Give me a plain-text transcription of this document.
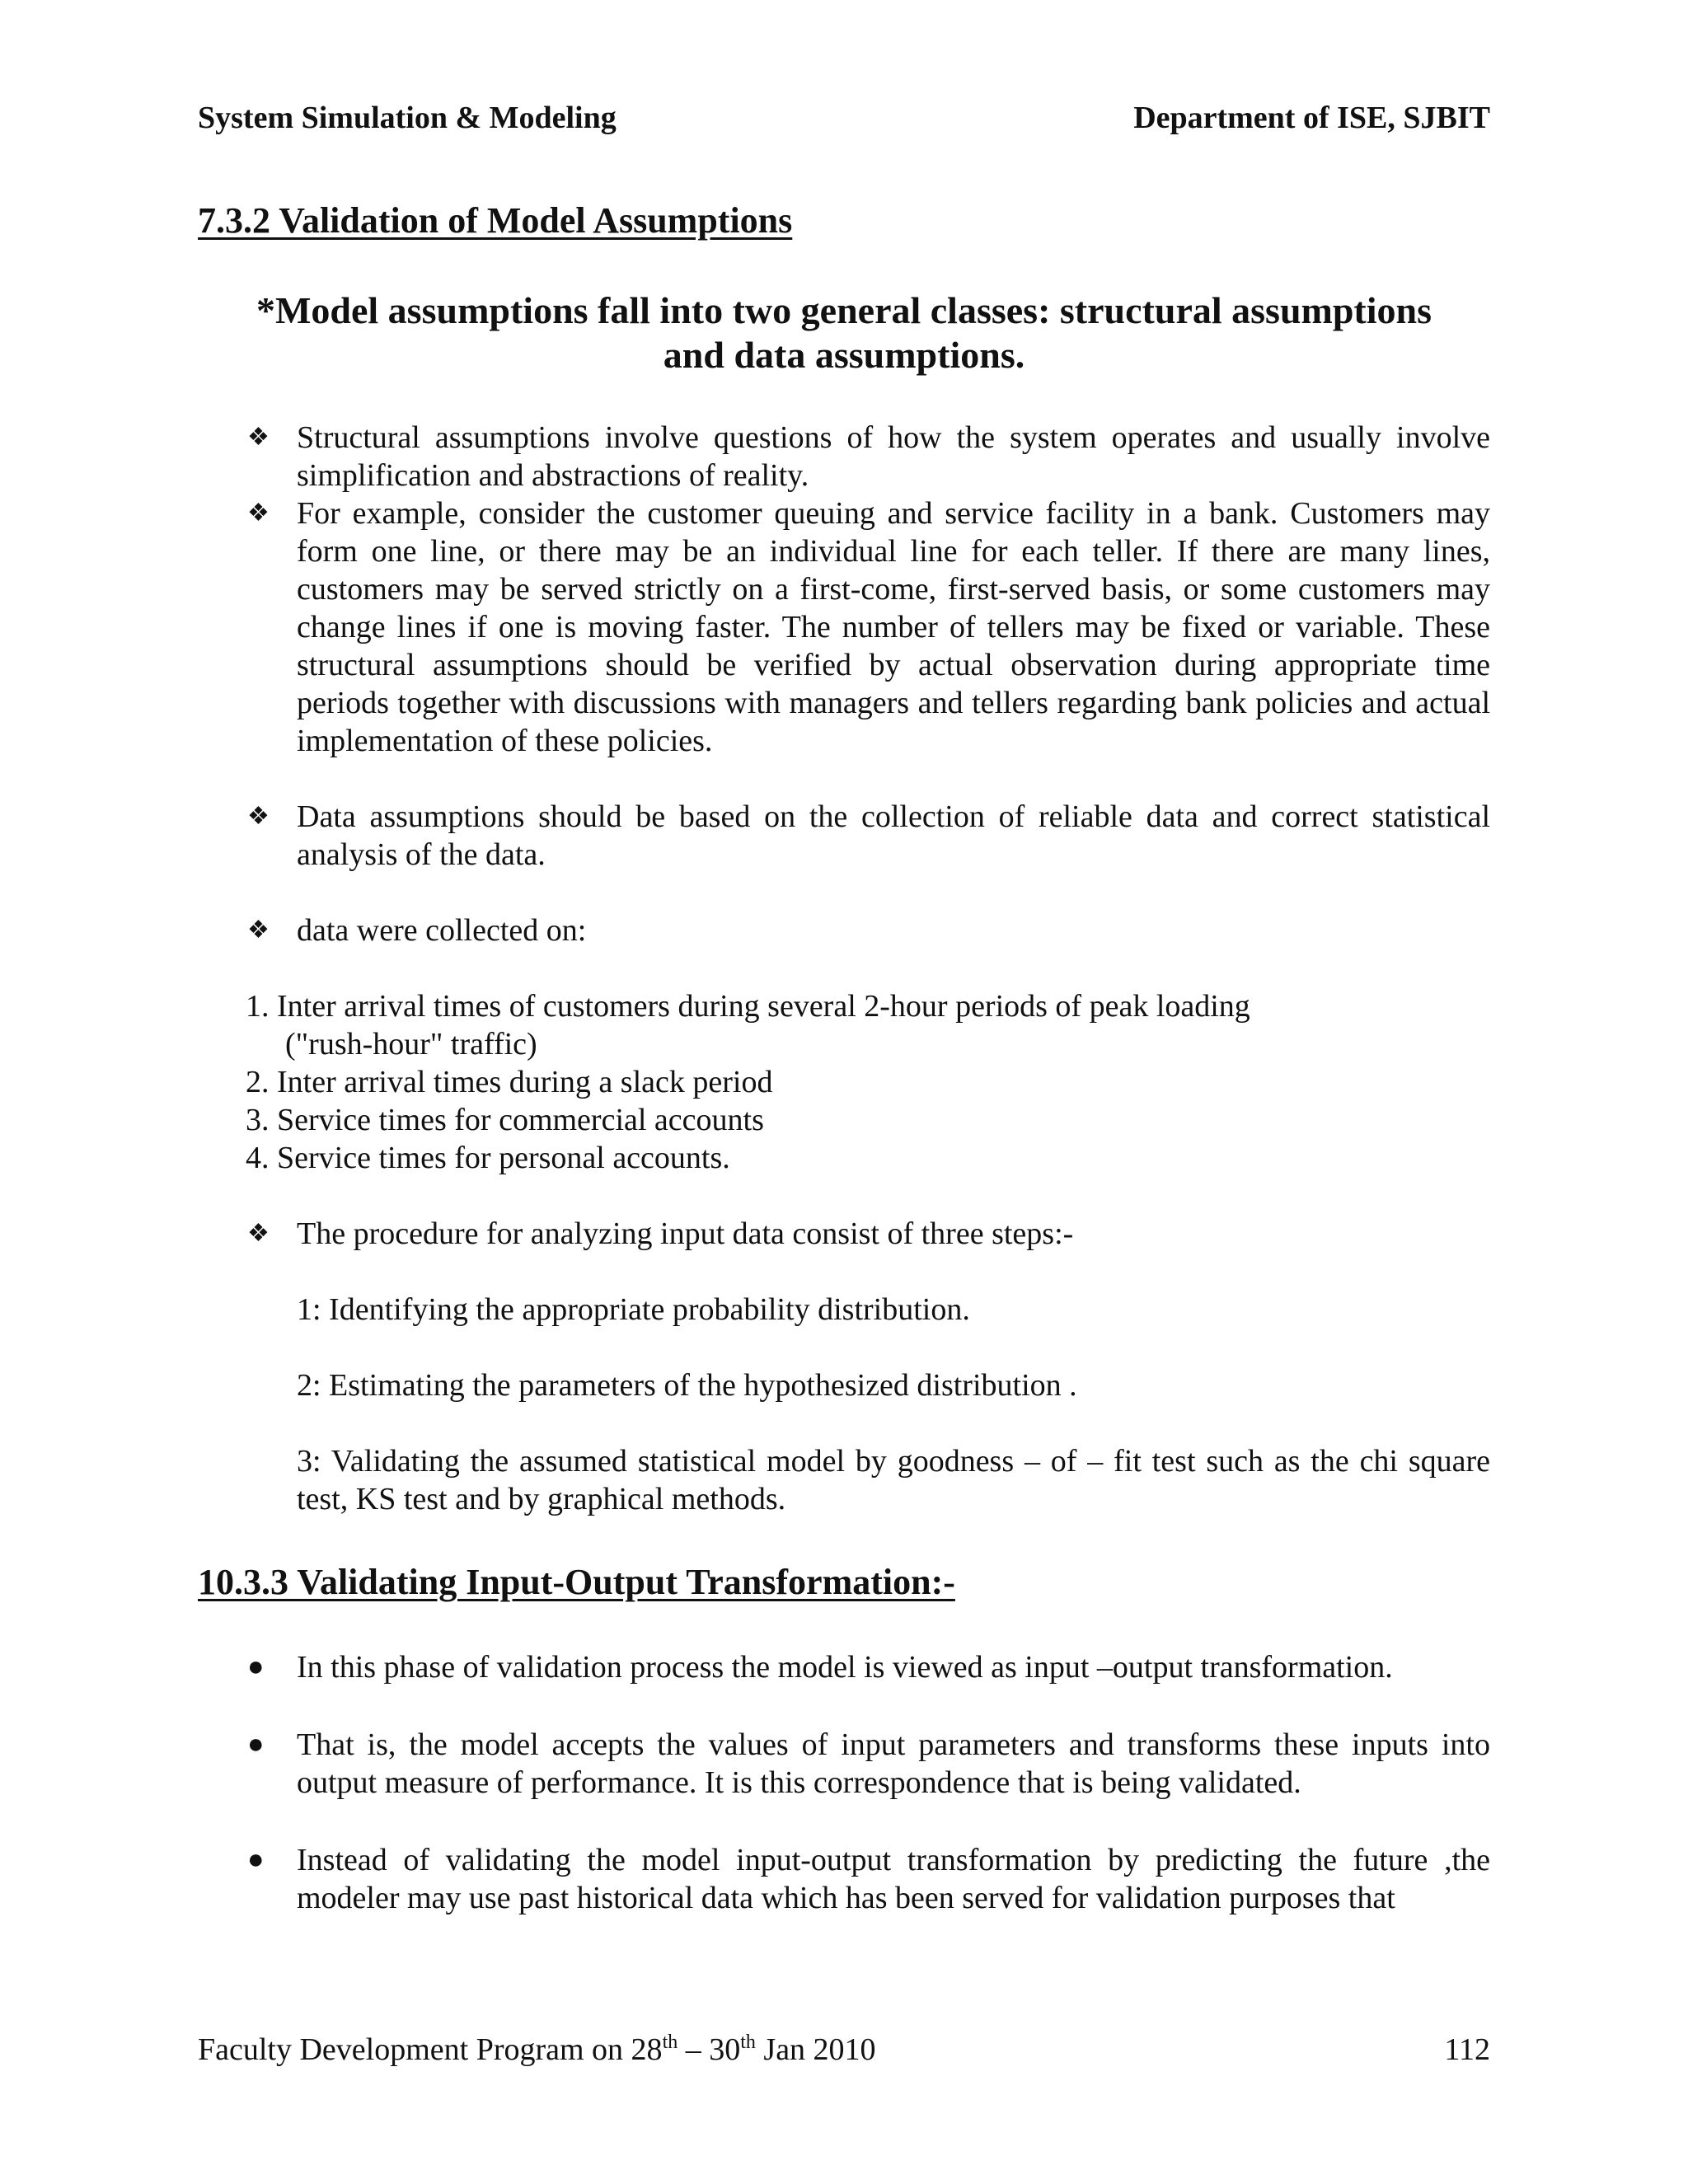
System Simulation & Modeling	Department of ISE, SJBIT
7.3.2 Validation of Model Assumptions
*Model assumptions fall into two general classes: structural assumptions and data assumptions.
❖ Structural assumptions involve questions of how the system operates and usually involve simplification and abstractions of reality.
❖ For example, consider the customer queuing and service facility in a bank. Customers may form one line, or there may be an individual line for each teller. If there are many lines, customers may be served strictly on a first-come, first-served basis, or some customers may change lines if one is moving faster. The number of tellers may be fixed or variable. These structural assumptions should be verified by actual observation during appropriate time periods together with discussions with managers and tellers regarding bank policies and actual implementation of these policies.
❖ Data assumptions should be based on the collection of reliable data and correct statistical analysis of the data.
❖ data were collected on:
1. Inter arrival times of customers during several 2-hour periods of peak loading
("rush-hour" traffic)
2. Inter arrival times during a slack period
3. Service times for commercial accounts
4. Service times for personal accounts.
❖ The procedure for analyzing input data consist of three steps:-

1: Identifying the appropriate probability distribution.

2: Estimating the parameters of the hypothesized distribution .

3: Validating the assumed statistical model by goodness – of – fit test such as the chi square test, KS test and by graphical methods.

10.3.3 Validating Input-Output Transformation:-
●	In this phase of validation process the model is viewed as input –output transformation.
●	That is, the model accepts the values of input parameters and transforms these inputs into output measure of performance. It is this correspondence that is being validated.
●	Instead of validating the model input-output transformation by predicting the future ,the modeler may use past historical data which has been served for validation purposes that
Faculty Development Program on 28th – 30th Jan 2010	112
